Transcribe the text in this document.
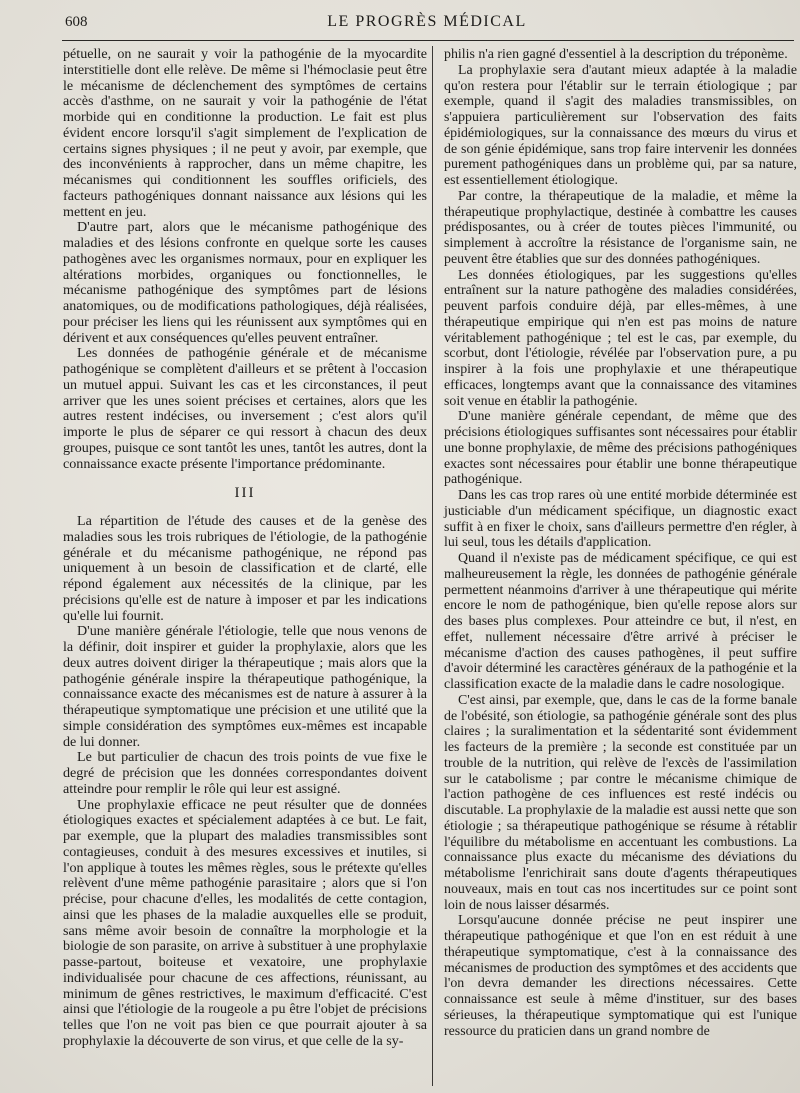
608	LE PROGRÈS MÉDICAL

pétuelle, on ne saurait y voir la pathogénie de la myocardite interstitielle dont elle relève. De même si l'hémoclasie peut être le mécanisme de déclenchement des symptômes de certains accès d'asthme, on ne saurait y voir la pathogénie de l'état morbide qui en conditionne la production. Le fait est plus évident encore lorsqu'il s'agit simplement de l'explication de certains signes physiques ; il ne peut y avoir, par exemple, que des inconvénients à rapprocher, dans un même chapitre, les mécanismes qui conditionnent les souffles orificiels, des facteurs pathogéniques donnant naissance aux lésions qui les mettent en jeu.

D'autre part, alors que le mécanisme pathogénique des maladies et des lésions confronte en quelque sorte les causes pathogènes avec les organismes normaux, pour en expliquer les altérations morbides, organiques ou fonctionnelles, le mécanisme pathogénique des symptômes part de lésions anatomiques, ou de modifications pathologiques, déjà réalisées, pour préciser les liens qui les réunissent aux symptômes qui en dérivent et aux conséquences qu'elles peuvent entraîner.

Les données de pathogénie générale et de mécanisme pathogénique se complètent d'ailleurs et se prêtent à l'occasion un mutuel appui. Suivant les cas et les circonstances, il peut arriver que les unes soient précises et certaines, alors que les autres restent indécises, ou inversement ; c'est alors qu'il importe le plus de séparer ce qui ressort à chacun des deux groupes, puisque ce sont tantôt les unes, tantôt les autres, dont la connaissance exacte présente l'importance prédominante.

III

La répartition de l'étude des causes et de la genèse des maladies sous les trois rubriques de l'étiologie, de la pathogénie générale et du mécanisme pathogénique, ne répond pas uniquement à un besoin de classification et de clarté, elle répond également aux nécessités de la clinique, par les précisions qu'elle est de nature à imposer et par les indications qu'elle lui fournit.

D'une manière générale l'étiologie, telle que nous venons de la définir, doit inspirer et guider la prophylaxie, alors que les deux autres doivent diriger la thérapeutique ; mais alors que la pathogénie générale inspire la thérapeutique pathogénique, la connaissance exacte des mécanismes est de nature à assurer à la thérapeutique symptomatique une précision et une utilité que la simple considération des symptômes eux-mêmes est incapable de lui donner.

Le but particulier de chacun des trois points de vue fixe le degré de précision que les données correspondantes doivent atteindre pour remplir le rôle qui leur est assigné.

Une prophylaxie efficace ne peut résulter que de données étiologiques exactes et spécialement adaptées à ce but. Le fait, par exemple, que la plupart des maladies transmissibles sont contagieuses, conduit à des mesures excessives et inutiles, si l'on applique à toutes les mêmes règles, sous le prétexte qu'elles relèvent d'une même pathogénie parasitaire ; alors que si l'on précise, pour chacune d'elles, les modalités de cette contagion, ainsi que les phases de la maladie auxquelles elle se produit, sans même avoir besoin de connaître la morphologie et la biologie de son parasite, on arrive à substituer à une prophylaxie passe-partout, boiteuse et vexatoire, une prophylaxie individualisée pour chacune de ces affections, réunissant, au minimum de gênes restrictives, le maximum d'efficacité. C'est ainsi que l'étiologie de la rougeole a pu être l'objet de précisions telles que l'on ne voit pas bien ce que pourrait ajouter à sa prophylaxie la découverte de son virus, et que celle de la sy-

philis n'a rien gagné d'essentiel à la description du tréponème.

La prophylaxie sera d'autant mieux adaptée à la maladie qu'on restera pour l'établir sur le terrain étiologique ; par exemple, quand il s'agit des maladies transmissibles, on s'appuiera particulièrement sur l'observation des faits épidémiologiques, sur la connaissance des mœurs du virus et de son génie épidémique, sans trop faire intervenir les données purement pathogéniques dans un problème qui, par sa nature, est essentiellement étiologique.

Par contre, la thérapeutique de la maladie, et même la thérapeutique prophylactique, destinée à combattre les causes prédisposantes, ou à créer de toutes pièces l'immunité, ou simplement à accroître la résistance de l'organisme sain, ne peuvent être établies que sur des données pathogéniques.

Les données étiologiques, par les suggestions qu'elles entraînent sur la nature pathogène des maladies considérées, peuvent parfois conduire déjà, par elles-mêmes, à une thérapeutique empirique qui n'en est pas moins de nature véritablement pathogénique ; tel est le cas, par exemple, du scorbut, dont l'étiologie, révélée par l'observation pure, a pu inspirer à la fois une prophylaxie et une thérapeutique efficaces, longtemps avant que la connaissance des vitamines soit venue en établir la pathogénie.

D'une manière générale cependant, de même que des précisions étiologiques suffisantes sont nécessaires pour établir une bonne prophylaxie, de même des précisions pathogéniques exactes sont nécessaires pour établir une bonne thérapeutique pathogénique.

Dans les cas trop rares où une entité morbide déterminée est justiciable d'un médicament spécifique, un diagnostic exact suffit à en fixer le choix, sans d'ailleurs permettre d'en régler, à lui seul, tous les détails d'application.

Quand il n'existe pas de médicament spécifique, ce qui est malheureusement la règle, les données de pathogénie générale permettent néanmoins d'arriver à une thérapeutique qui mérite encore le nom de pathogénique, bien qu'elle repose alors sur des bases plus complexes. Pour atteindre ce but, il n'est, en effet, nullement nécessaire d'être arrivé à préciser le mécanisme d'action des causes pathogènes, il peut suffire d'avoir déterminé les caractères généraux de la pathogénie et la classification exacte de la maladie dans le cadre nosologique.

C'est ainsi, par exemple, que, dans le cas de la forme banale de l'obésité, son étiologie, sa pathogénie générale sont des plus claires ; la suralimentation et la sédentarité sont évidemment les facteurs de la première ; la seconde est constituée par un trouble de la nutrition, qui relève de l'excès de l'assimilation sur le catabolisme ; par contre le mécanisme chimique de l'action pathogène de ces influences est resté indécis ou discutable. La prophylaxie de la maladie est aussi nette que son étiologie ; sa thérapeutique pathogénique se résume à rétablir l'équilibre du métabolisme en accentuant les combustions. La connaissance plus exacte du mécanisme des déviations du métabolisme l'enrichirait sans doute d'agents thérapeutiques nouveaux, mais en tout cas nos incertitudes sur ce point sont loin de nous laisser désarmés.

Lorsqu'aucune donnée précise ne peut inspirer une thérapeutique pathogénique et que l'on en est réduit à une thérapeutique symptomatique, c'est à la connaissance des mécanismes de production des symptômes et des accidents que l'on devra demander les directions nécessaires. Cette connaissance est seule à même d'instituer, sur des bases sérieuses, la thérapeutique symptomatique qui est l'unique ressource du praticien dans un grand nombre de
